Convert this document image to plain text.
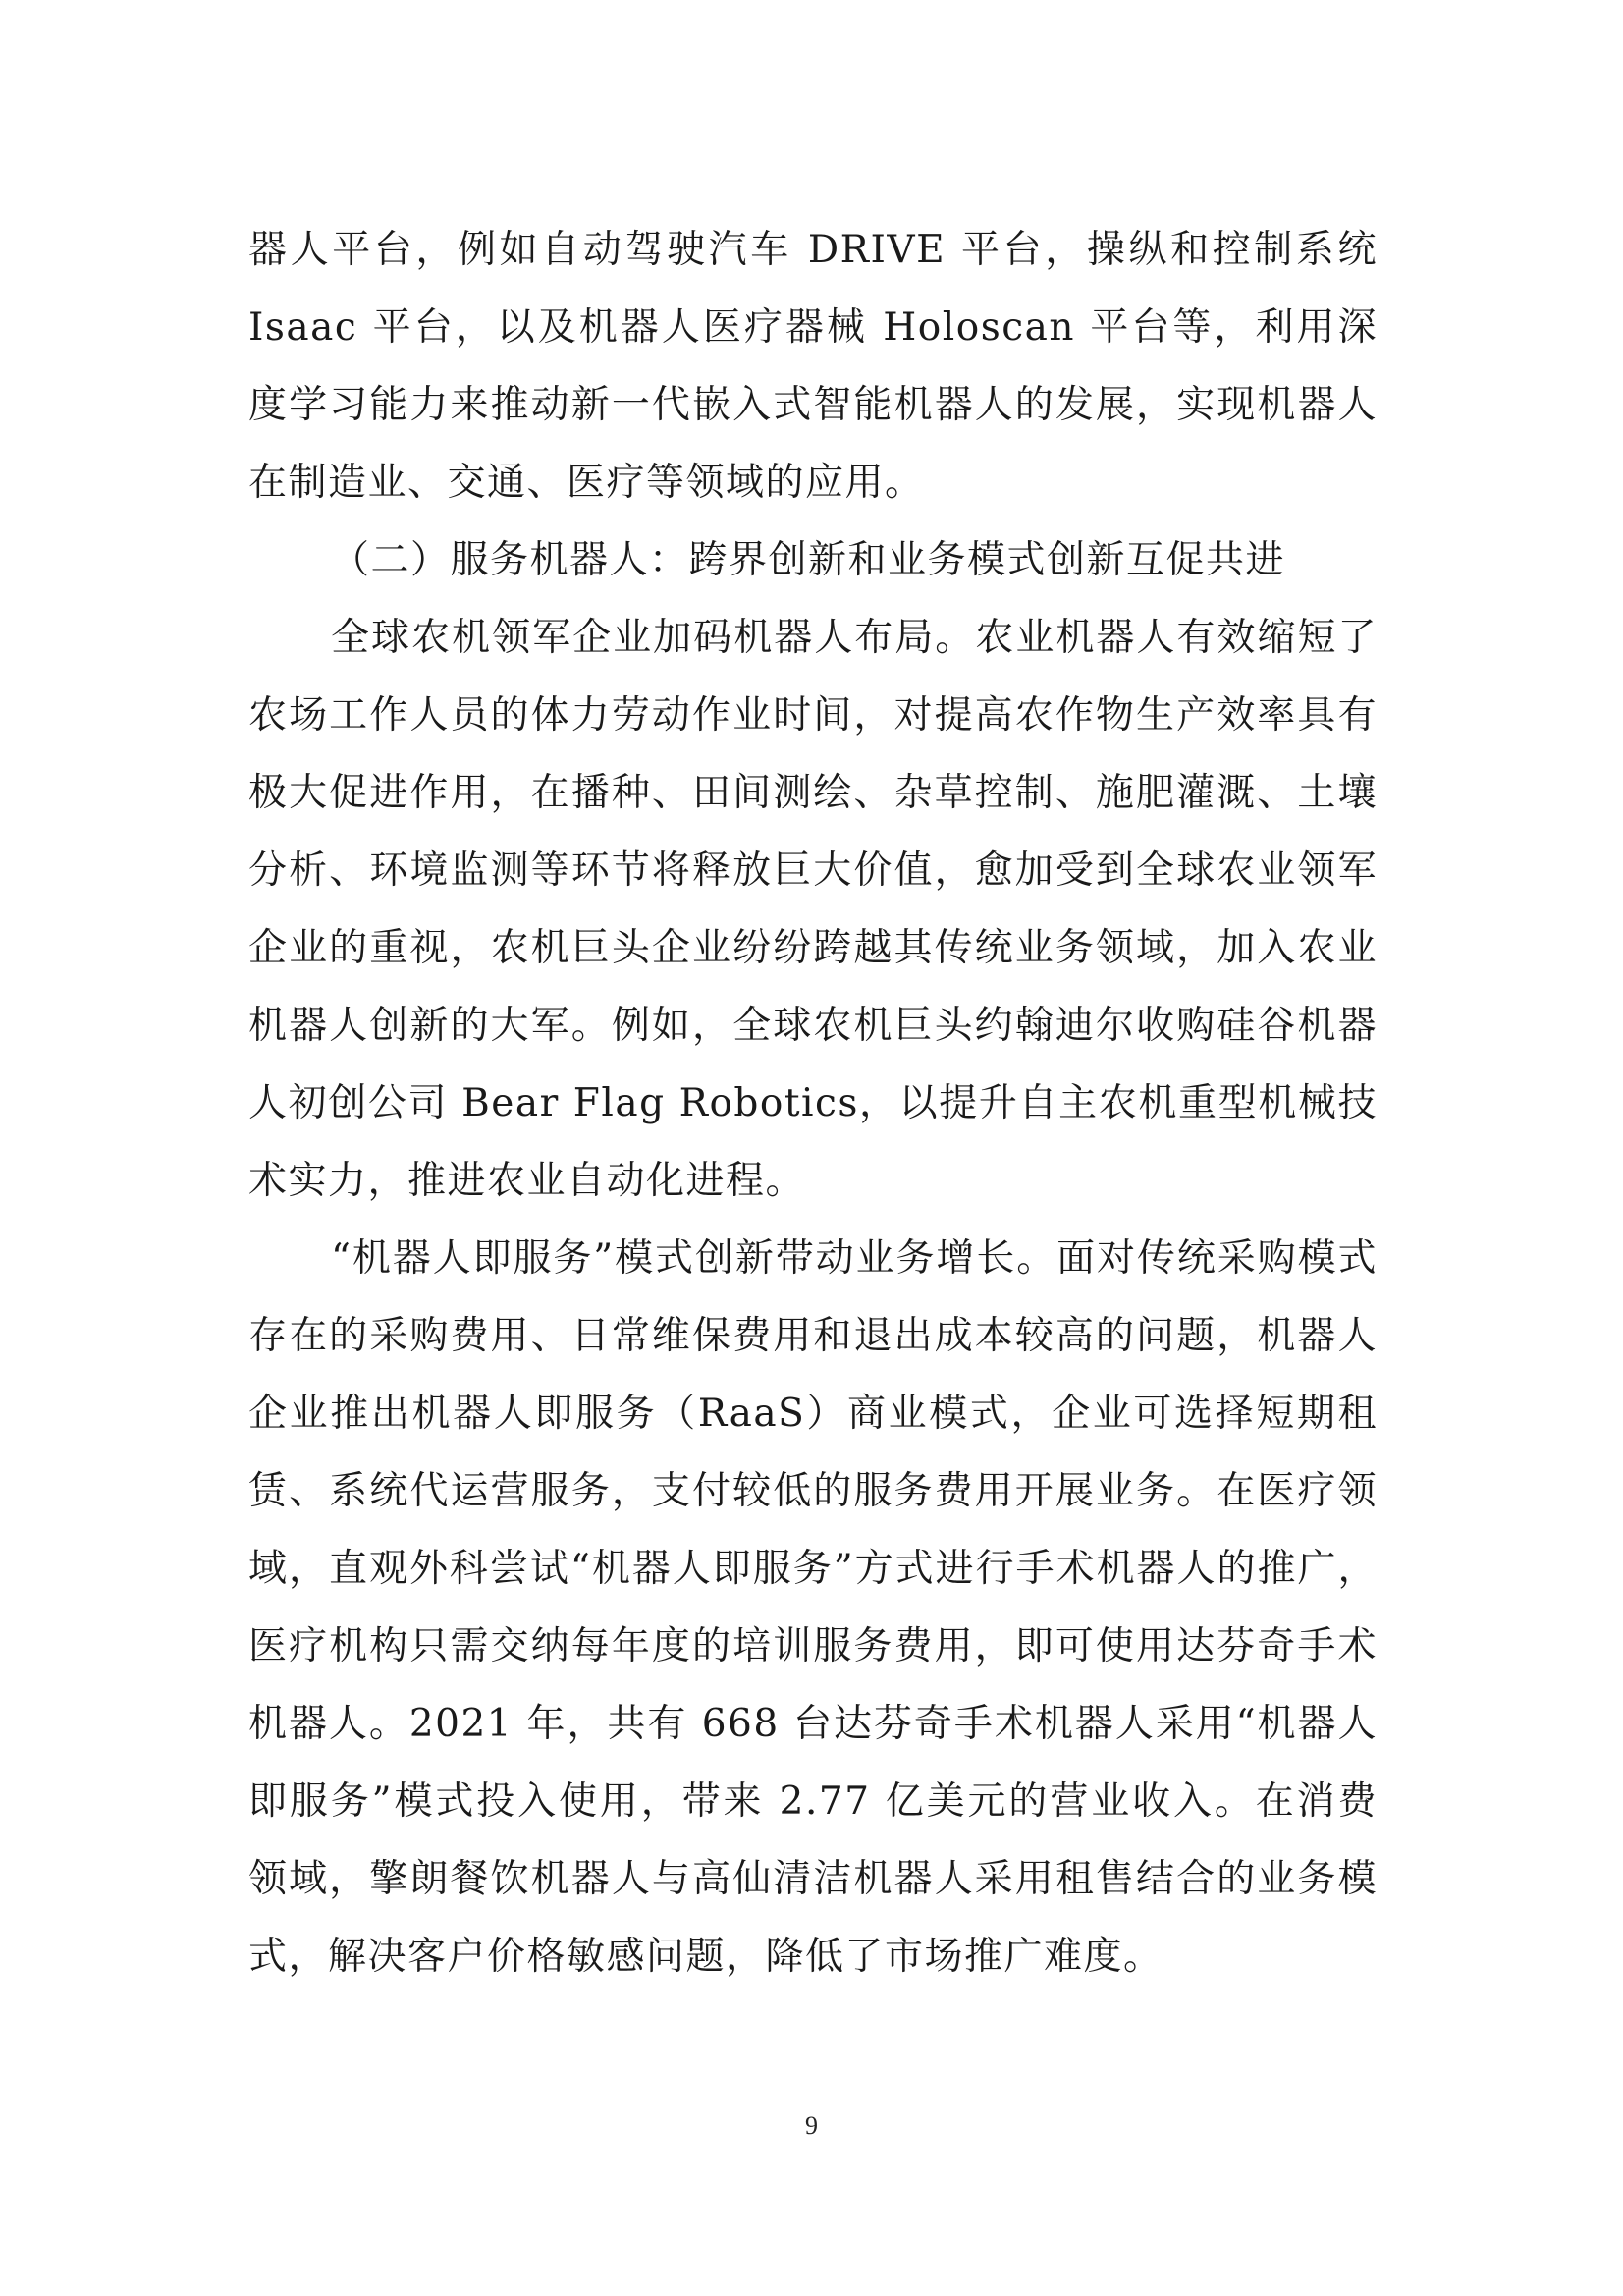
器人平台，例如自动驾驶汽车 DRIVE 平台，操纵和控制系统 Isaac 平台，以及机器人医疗器械 Holoscan 平台等，利用深度学习能力来推动新一代嵌入式智能机器人的发展，实现机器人在制造业、交通、医疗等领域的应用。

（二）服务机器人：跨界创新和业务模式创新互促共进

全球农机领军企业加码机器人布局。农业机器人有效缩短了农场工作人员的体力劳动作业时间，对提高农作物生产效率具有极大促进作用，在播种、田间测绘、杂草控制、施肥灌溉、土壤分析、环境监测等环节将释放巨大价值，愈加受到全球农业领军企业的重视，农机巨头企业纷纷跨越其传统业务领域，加入农业机器人创新的大军。例如，全球农机巨头约翰迪尔收购硅谷机器人初创公司 Bear Flag Robotics，以提升自主农机重型机械技术实力，推进农业自动化进程。

“机器人即服务”模式创新带动业务增长。面对传统采购模式存在的采购费用、日常维保费用和退出成本较高的问题，机器人企业推出机器人即服务（RaaS）商业模式，企业可选择短期租赁、系统代运营服务，支付较低的服务费用开展业务。在医疗领域，直观外科尝试“机器人即服务”方式进行手术机器人的推广，医疗机构只需交纳每年度的培训服务费用，即可使用达芬奇手术机器人。2021 年，共有 668 台达芬奇手术机器人采用“机器人即服务”模式投入使用，带来 2.77 亿美元的营业收入。在消费领域，擎朗餐饮机器人与高仙清洁机器人采用租售结合的业务模式，解决客户价格敏感问题，降低了市场推广难度。

9
